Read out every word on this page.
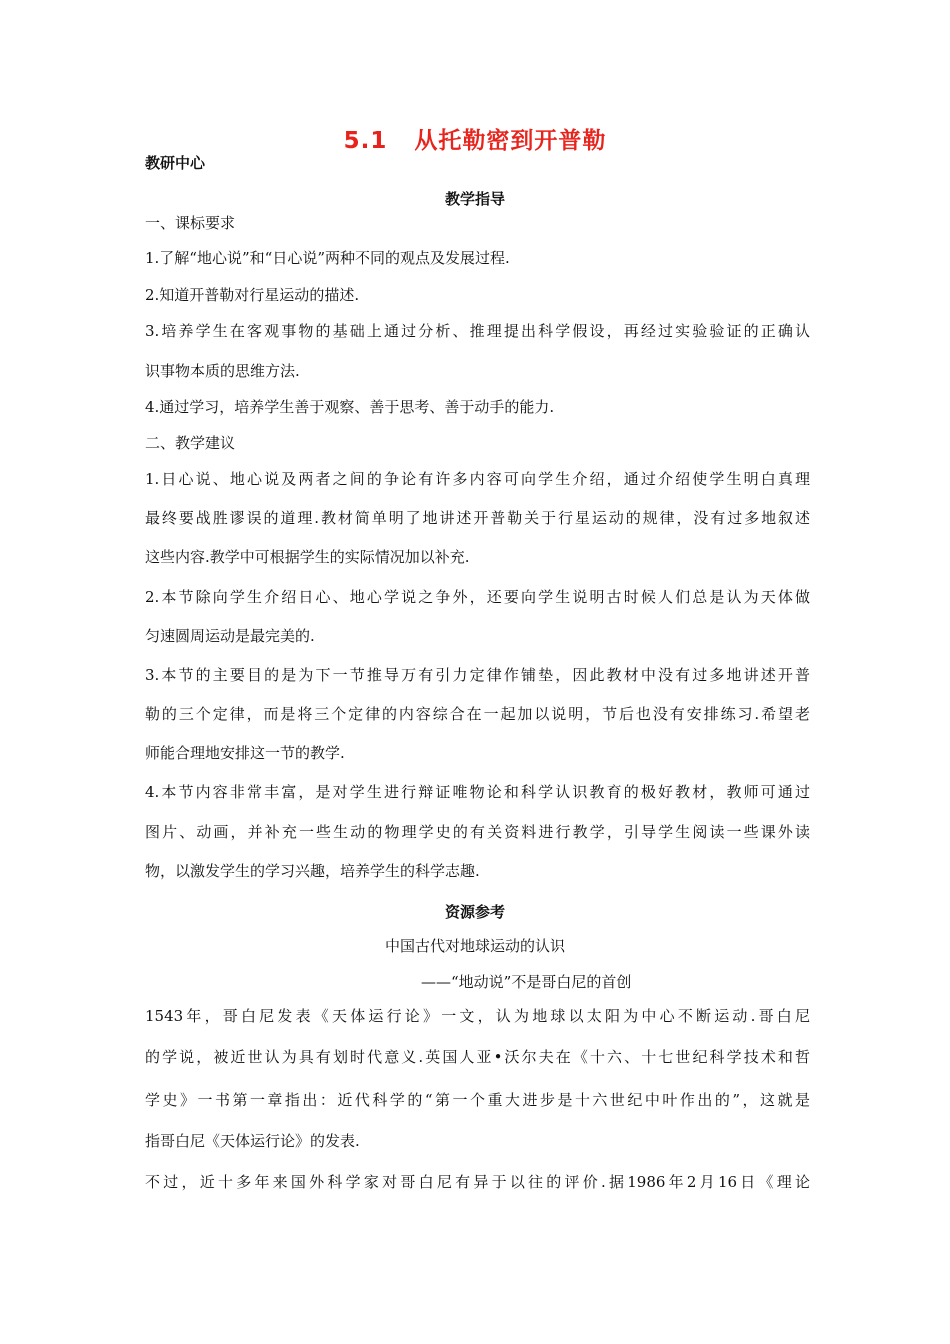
5.1   从托勒密到开普勒
教研中心
教学指导
一、课标要求
1.了解“地心说”和“日心说”两种不同的观点及发展过程.
2.知道开普勒对行星运动的描述.
3.培养学生在客观事物的基础上通过分析、推理提出科学假设，再经过实验验证的正确认
识事物本质的思维方法.
4.通过学习，培养学生善于观察、善于思考、善于动手的能力.
二、教学建议
1.日心说、地心说及两者之间的争论有许多内容可向学生介绍，通过介绍使学生明白真理
最终要战胜谬误的道理.教材简单明了地讲述开普勒关于行星运动的规律，没有过多地叙述
这些内容.教学中可根据学生的实际情况加以补充.
2.本节除向学生介绍日心、地心学说之争外，还要向学生说明古时候人们总是认为天体做
匀速圆周运动是最完美的.
3.本节的主要目的是为下一节推导万有引力定律作铺垫，因此教材中没有过多地讲述开普
勒的三个定律，而是将三个定律的内容综合在一起加以说明，节后也没有安排练习.希望老
师能合理地安排这一节的教学.
4.本节内容非常丰富，是对学生进行辩证唯物论和科学认识教育的极好教材，教师可通过
图片、动画，并补充一些生动的物理学史的有关资料进行教学，引导学生阅读一些课外读
物，以激发学生的学习兴趣，培养学生的科学志趣.
资源参考
中国古代对地球运动的认识
——“地动说”不是哥白尼的首创
1543年，哥白尼发表《天体运行论》一文，认为地球以太阳为中心不断运动.哥白尼
的学说，被近世认为具有划时代意义.英国人亚•沃尔夫在《十六、十七世纪科学技术和哲
学史》一书第一章指出：近代科学的“第一个重大进步是十六世纪中叶作出的”，这就是
指哥白尼《天体运行论》的发表.
不过，近十多年来国外科学家对哥白尼有异于以往的评价.据1986年2月16日《理论
